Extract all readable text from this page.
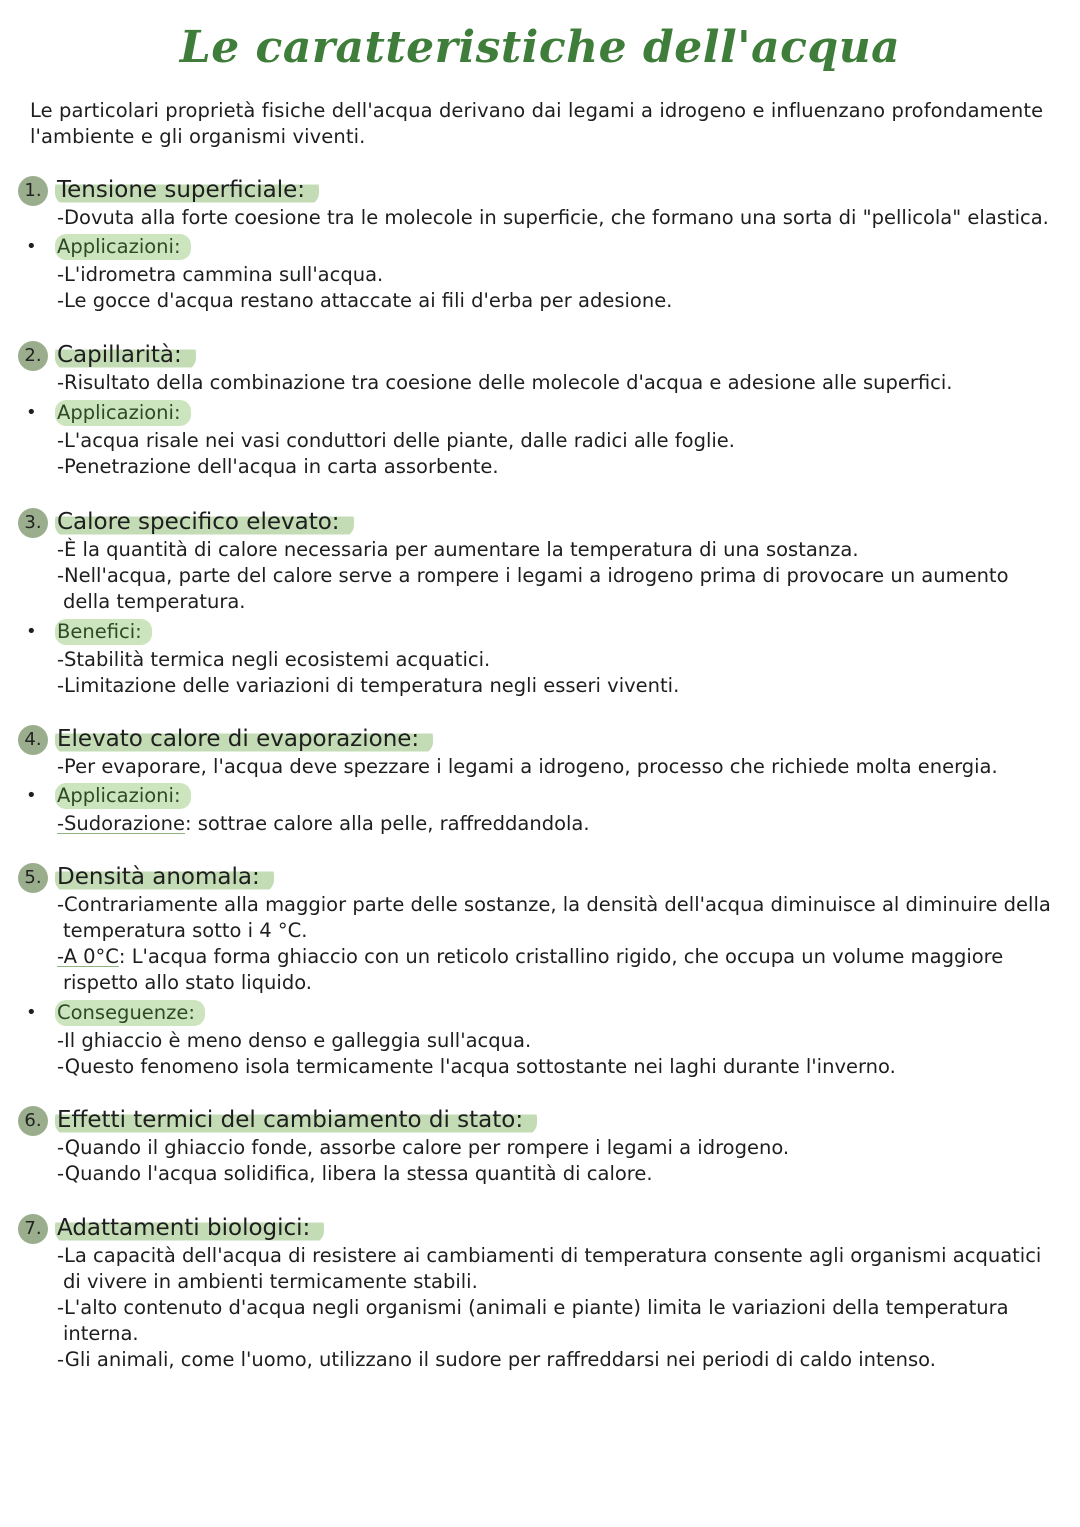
Le caratteristiche dell'acqua
Le particolari proprietà fisiche dell'acqua derivano dai legami a idrogeno e influenzano profondamente
l'ambiente e gli organismi viventi.
1. Tensione superficiale:
-Dovuta alla forte coesione tra le molecole in superficie, che formano una sorta di "pellicola" elastica.
• Applicazioni:
-L'idrometra cammina sull'acqua.
-Le gocce d'acqua restano attaccate ai fili d'erba per adesione.
2. Capillarità:
-Risultato della combinazione tra coesione delle molecole d'acqua e adesione alle superfici.
• Applicazioni:
-L'acqua risale nei vasi conduttori delle piante, dalle radici alle foglie.
-Penetrazione dell'acqua in carta assorbente.
3. Calore specifico elevato:
-È la quantità di calore necessaria per aumentare la temperatura di una sostanza.
-Nell'acqua, parte del calore serve a rompere i legami a idrogeno prima di provocare un aumento
della temperatura.
• Benefici:
-Stabilità termica negli ecosistemi acquatici.
-Limitazione delle variazioni di temperatura negli esseri viventi.
4. Elevato calore di evaporazione:
-Per evaporare, l'acqua deve spezzare i legami a idrogeno, processo che richiede molta energia.
• Applicazioni:
-Sudorazione: sottrae calore alla pelle, raffreddandola.
5. Densità anomala:
-Contrariamente alla maggior parte delle sostanze, la densità dell'acqua diminuisce al diminuire della
temperatura sotto i 4 °C.
-A 0°C: L'acqua forma ghiaccio con un reticolo cristallino rigido, che occupa un volume maggiore
rispetto allo stato liquido.
• Conseguenze:
-Il ghiaccio è meno denso e galleggia sull'acqua.
-Questo fenomeno isola termicamente l'acqua sottostante nei laghi durante l'inverno.
6. Effetti termici del cambiamento di stato:
-Quando il ghiaccio fonde, assorbe calore per rompere i legami a idrogeno.
-Quando l'acqua solidifica, libera la stessa quantità di calore.
7. Adattamenti biologici:
-La capacità dell'acqua di resistere ai cambiamenti di temperatura consente agli organismi acquatici
di vivere in ambienti termicamente stabili.
-L'alto contenuto d'acqua negli organismi (animali e piante) limita le variazioni della temperatura
interna.
-Gli animali, come l'uomo, utilizzano il sudore per raffreddarsi nei periodi di caldo intenso.
